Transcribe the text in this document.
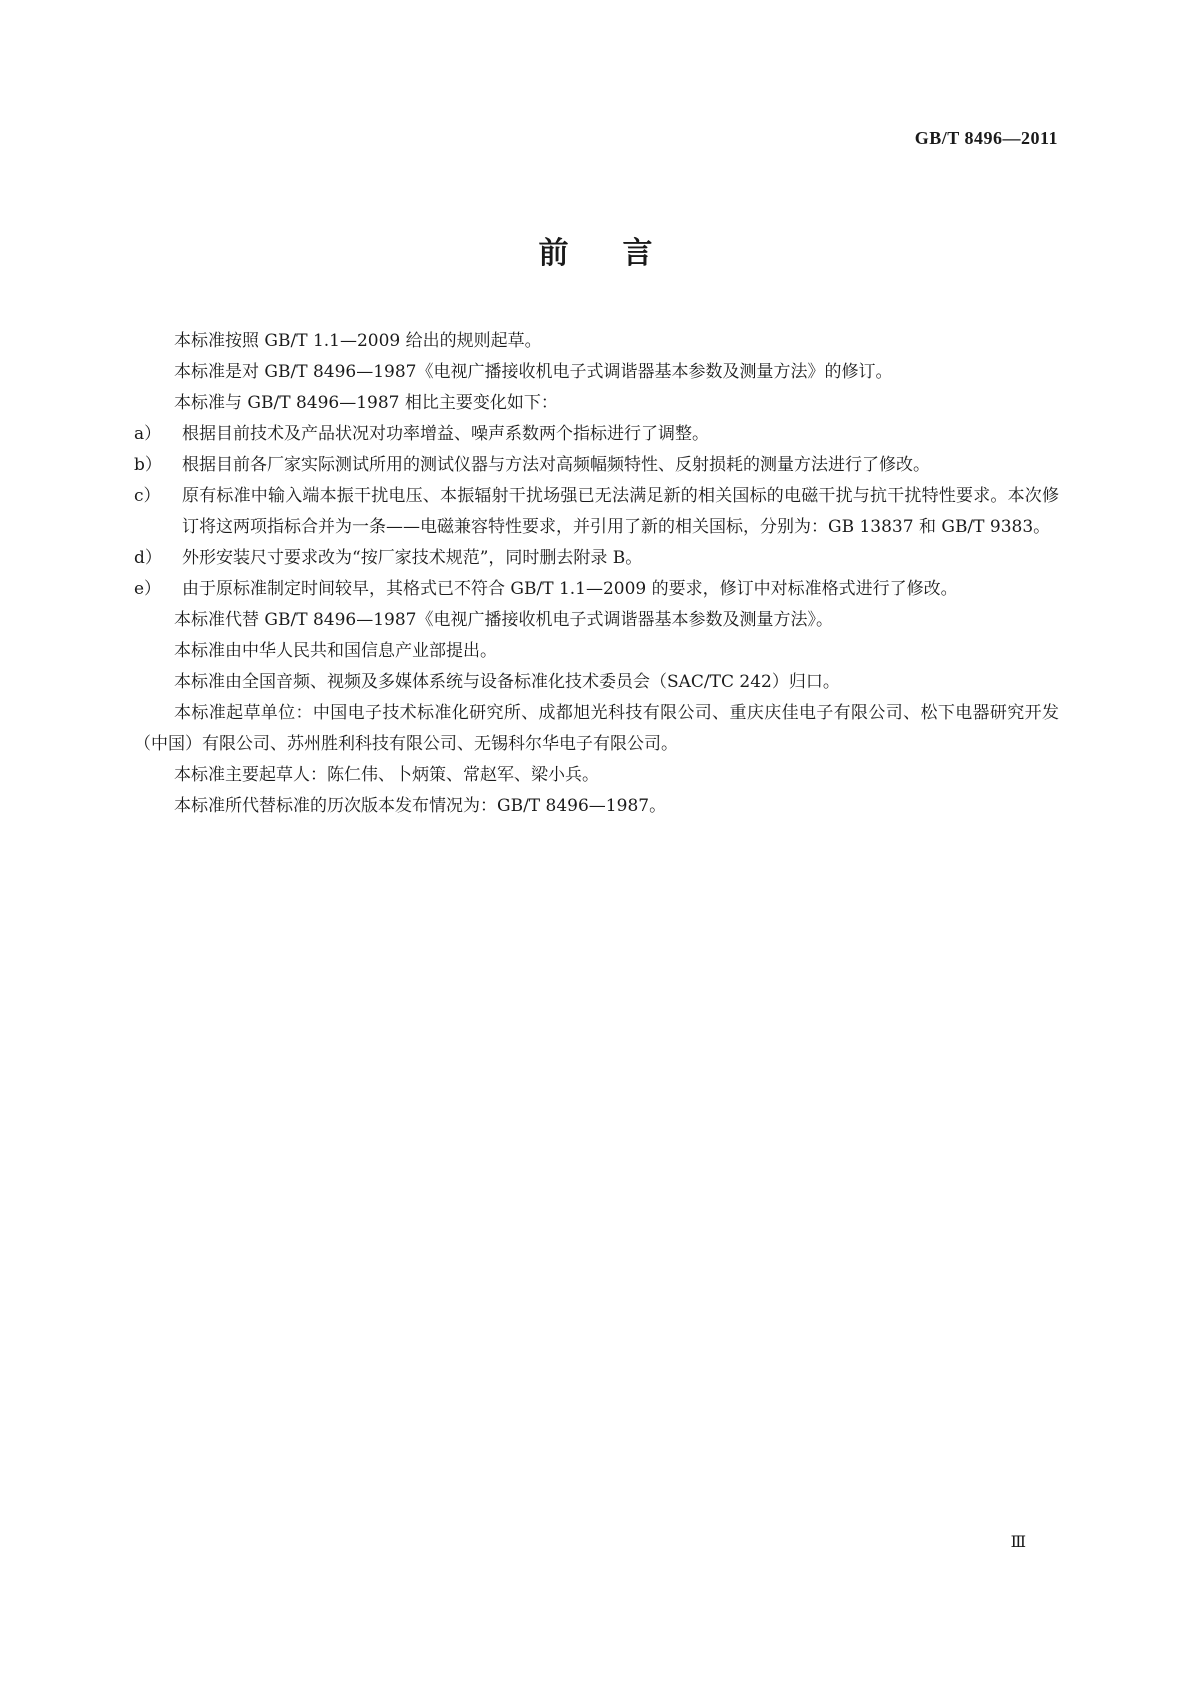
GB/T 8496—2011
前言

本标准按照 GB/T 1.1—2009 给出的规则起草。

本标准是对 GB/T 8496—1987《电视广播接收机电子式调谐器基本参数及测量方法》的修订。

本标准与 GB/T 8496—1987 相比主要变化如下：

a）	根据目前技术及产品状况对功率增益、噪声系数两个指标进行了调整。
b）	根据目前各厂家实际测试所用的测试仪器与方法对高频幅频特性、反射损耗的测量方法进行了修改。
c）	原有标准中输入端本振干扰电压、本振辐射干扰场强已无法满足新的相关国标的电磁干扰与抗干扰特性要求。本次修订将这两项指标合并为一条——电磁兼容特性要求，并引用了新的相关国标，分别为：GB 13837 和 GB/T 9383。
d）	外形安装尺寸要求改为“按厂家技术规范”，同时删去附录 B。
e）	由于原标准制定时间较早，其格式已不符合 GB/T 1.1—2009 的要求，修订中对标准格式进行了修改。

本标准代替 GB/T 8496—1987《电视广播接收机电子式调谐器基本参数及测量方法》。

本标准由中华人民共和国信息产业部提出。

本标准由全国音频、视频及多媒体系统与设备标准化技术委员会（SAC/TC 242）归口。

本标准起草单位：中国电子技术标准化研究所、成都旭光科技有限公司、重庆庆佳电子有限公司、松下电器研究开发（中国）有限公司、苏州胜利科技有限公司、无锡科尔华电子有限公司。

本标准主要起草人：陈仁伟、卜炳策、常赵军、梁小兵。

本标准所代替标准的历次版本发布情况为：GB/T 8496—1987。

Ⅲ
